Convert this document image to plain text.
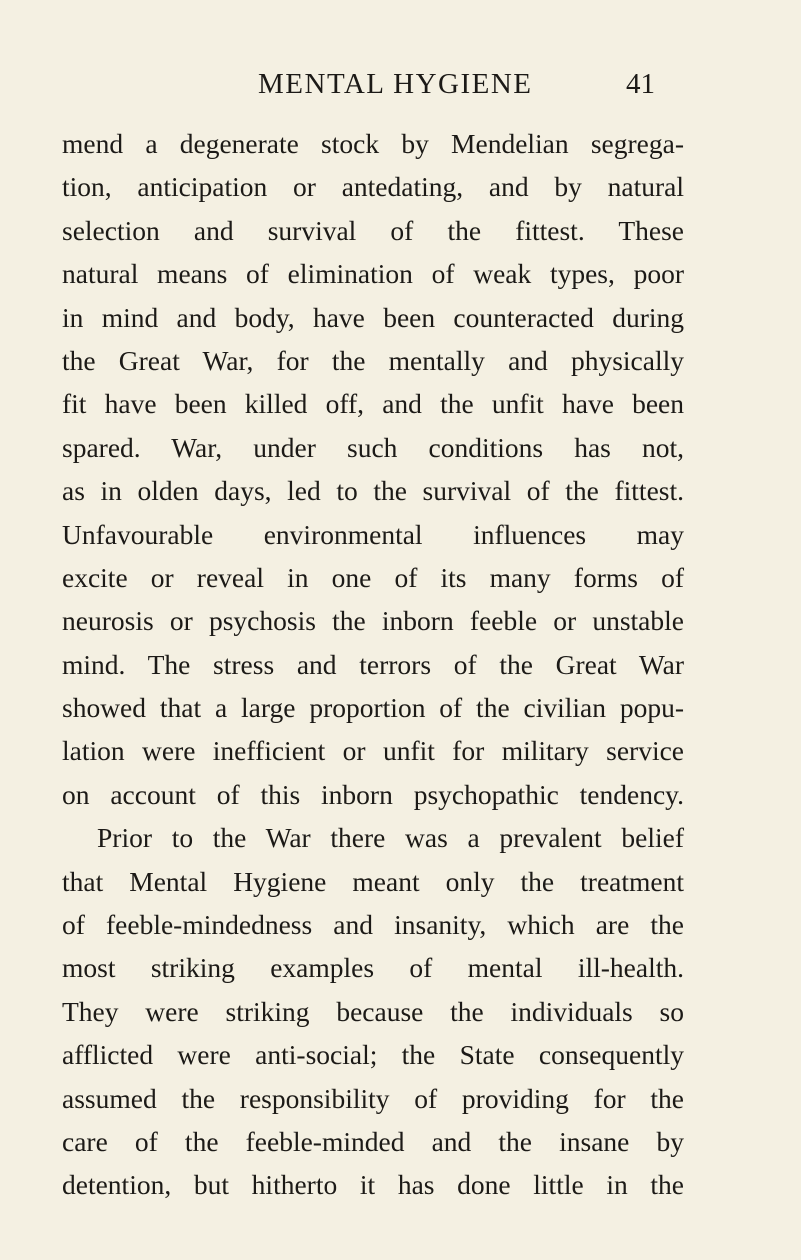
MENTAL HYGIENE	41
mend a degenerate stock by Mendelian segrega-
tion, anticipation or antedating, and by natural
selection and survival of the fittest. These
natural means of elimination of weak types, poor
in mind and body, have been counteracted during
the Great War, for the mentally and physically
fit have been killed off, and the unfit have been
spared. War, under such conditions has not,
as in olden days, led to the survival of the fittest.
Unfavourable environmental influences may
excite or reveal in one of its many forms of
neurosis or psychosis the inborn feeble or unstable
mind. The stress and terrors of the Great War
showed that a large proportion of the civilian popu-
lation were inefficient or unfit for military service
on account of this inborn psychopathic tendency.
Prior to the War there was a prevalent belief
that Mental Hygiene meant only the treatment
of feeble-mindedness and insanity, which are the
most striking examples of mental ill-health.
They were striking because the individuals so
afflicted were anti-social; the State consequently
assumed the responsibility of providing for the
care of the feeble-minded and the insane by
detention, but hitherto it has done little in the
